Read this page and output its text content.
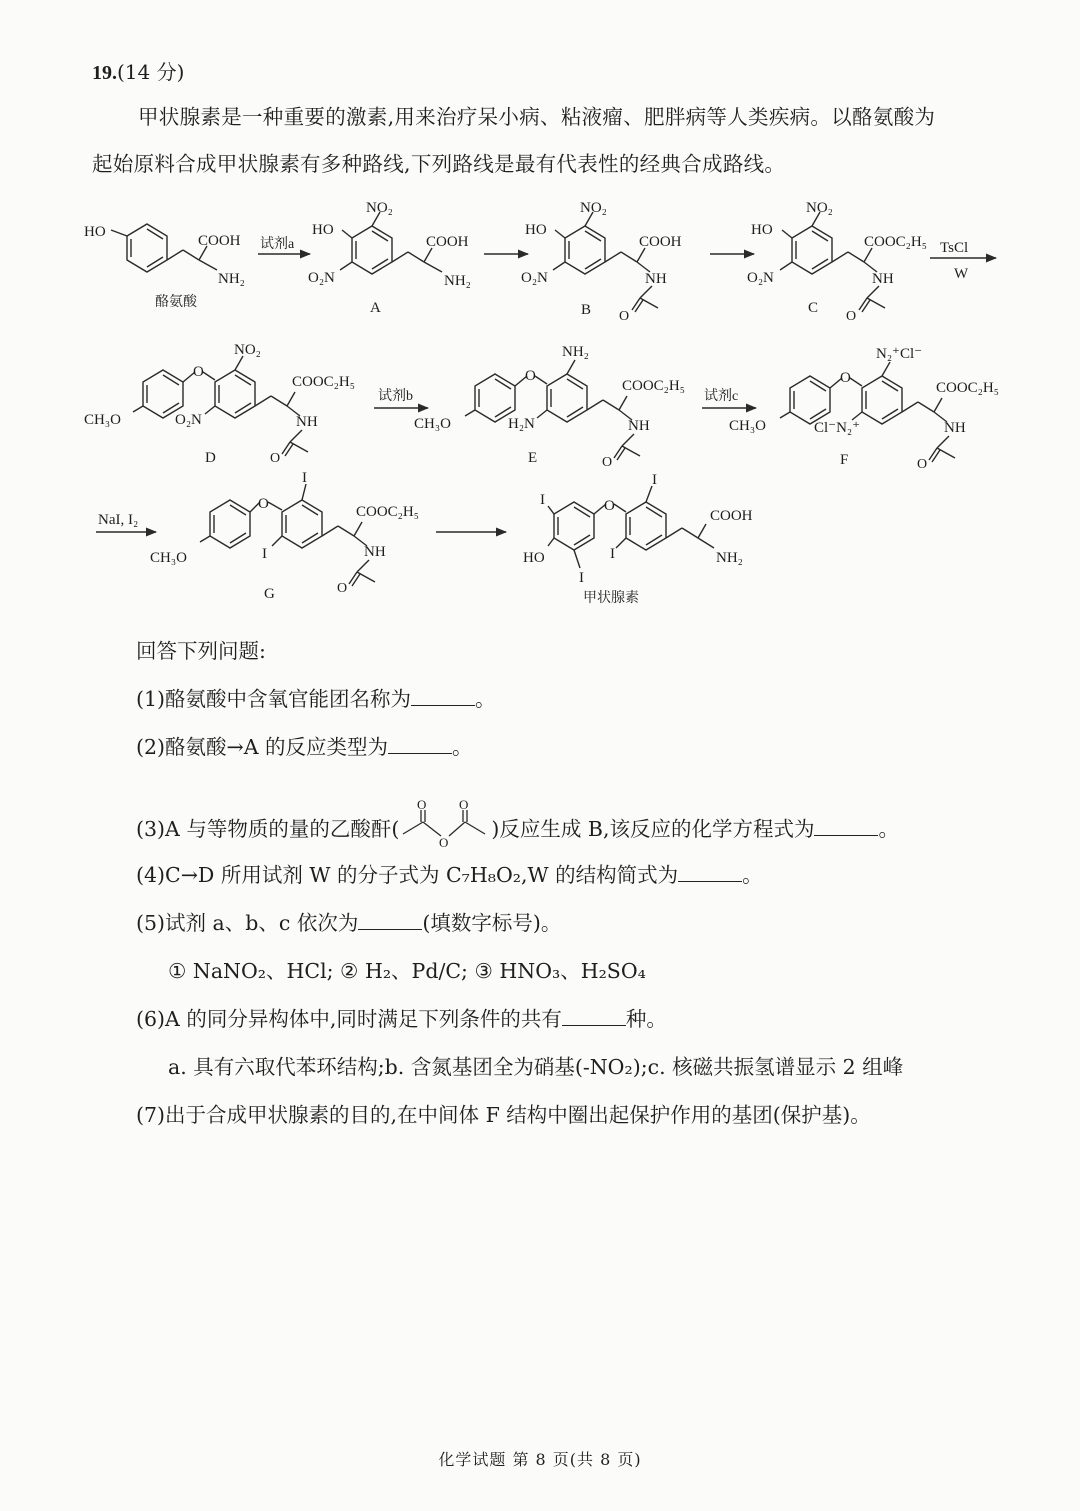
19.(14 分)
甲状腺素是一种重要的激素,用来治疗呆小病、粘液瘤、肥胖病等人类疾病。以酪氨酸为
起始原料合成甲状腺素有多种路线,下列路线是最有代表性的经典合成路线。
HO
COOH
NH₂
酪氨酸
试剂a
HO
NO₂
O₂N
COOH
NH₂
A
HO
NO₂
O₂N
COOH
NH
O
B
HO
NO₂
O₂N
COOC₂H₅
NH
O
C
TsCl
W
O
CH₃O
NO₂
O₂N
COOC₂H₅
NH
O
D
试剂b
O
CH₃O
NH₂
H₂N
COOC₂H₅
NH
O
E
试剂c
O
CH₃O
N₂⁺Cl⁻
Cl⁻N₂⁺
COOC₂H₅
NH
O
F
NaI, I₂
O
CH₃O
I
I
COOC₂H₅
NH
O
G
I
HO
I
O
I
I
COOH
NH₂
甲状腺素
回答下列问题:
(1)酪氨酸中含氧官能团名称为	。
(2)酪氨酸→A 的反应类型为	。
(3)A 与等物质的量的乙酸酐(
O	O
O
)反应生成 B,该反应的化学方程式为	。
(4)C→D 所用试剂 W 的分子式为 C₇H₈O₂,W 的结构简式为	。
(5)试剂 a、b、c 依次为	(填数字标号)。
① NaNO₂、HCl; ② H₂、Pd/C; ③ HNO₃、H₂SO₄
(6)A 的同分异构体中,同时满足下列条件的共有	种。
a. 具有六取代苯环结构;b. 含氮基团全为硝基(-NO₂);c. 核磁共振氢谱显示 2 组峰
(7)出于合成甲状腺素的目的,在中间体 F 结构中圈出起保护作用的基团(保护基)。
化学试题 第 8 页(共 8 页)
